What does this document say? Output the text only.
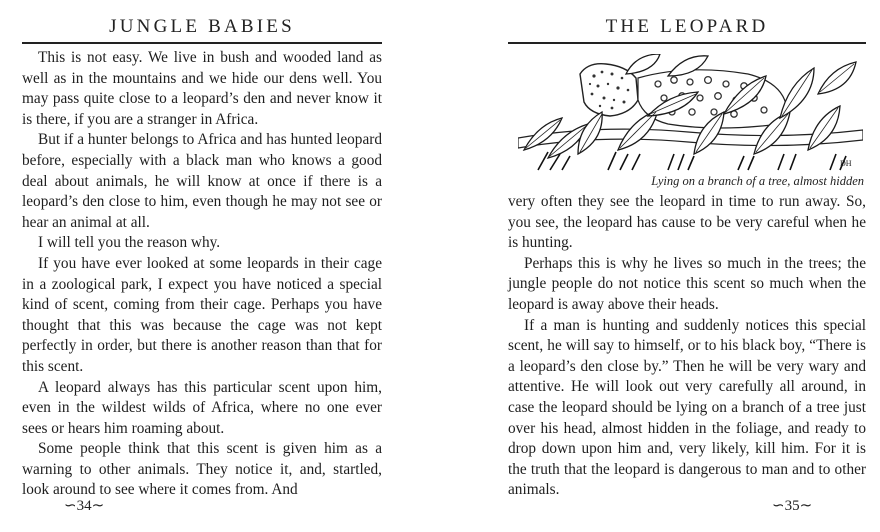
JUNGLE BABIES

This is not easy. We live in bush and wooded land as well as in the mountains and we hide our dens well. You may pass quite close to a leopard’s den and never know it is there, if you are a stranger in Africa.

But if a hunter belongs to Africa and has hunted leopard before, especially with a black man who knows a good deal about animals, he will know at once if there is a leopard’s den close to him, even though he may not see or hear an animal at all.

I will tell you the reason why.

If you have ever looked at some leopards in their cage in a zoological park, I expect you have noticed a special kind of scent, coming from their cage. Perhaps you have thought that this was because the cage was not kept perfectly in order, but there is another reason than that for this scent.

A leopard always has this particular scent upon him, even in the wildest wilds of Africa, where no one ever sees or hears him roaming about.

Some people think that this scent is given him as a warning to other animals. They notice it, and, startled, look around to see where it comes from. And

∽34∼
THE LEOPARD
DH
Lying on a branch of a tree, almost hidden

very often they see the leopard in time to run away. So, you see, the leopard has cause to be very careful when he is hunting.

Perhaps this is why he lives so much in the trees; the jungle people do not notice this scent so much when the leopard is away above their heads.

If a man is hunting and suddenly notices this special scent, he will say to himself, or to his black boy, “There is a leopard’s den close by.” Then he will be very wary and attentive. He will look out very carefully all around, in case the leopard should be lying on a branch of a tree just over his head, almost hidden in the foliage, and ready to drop down upon him and, very likely, kill him. For it is the truth that the leopard is dangerous to man and to other animals.

∽35∼
